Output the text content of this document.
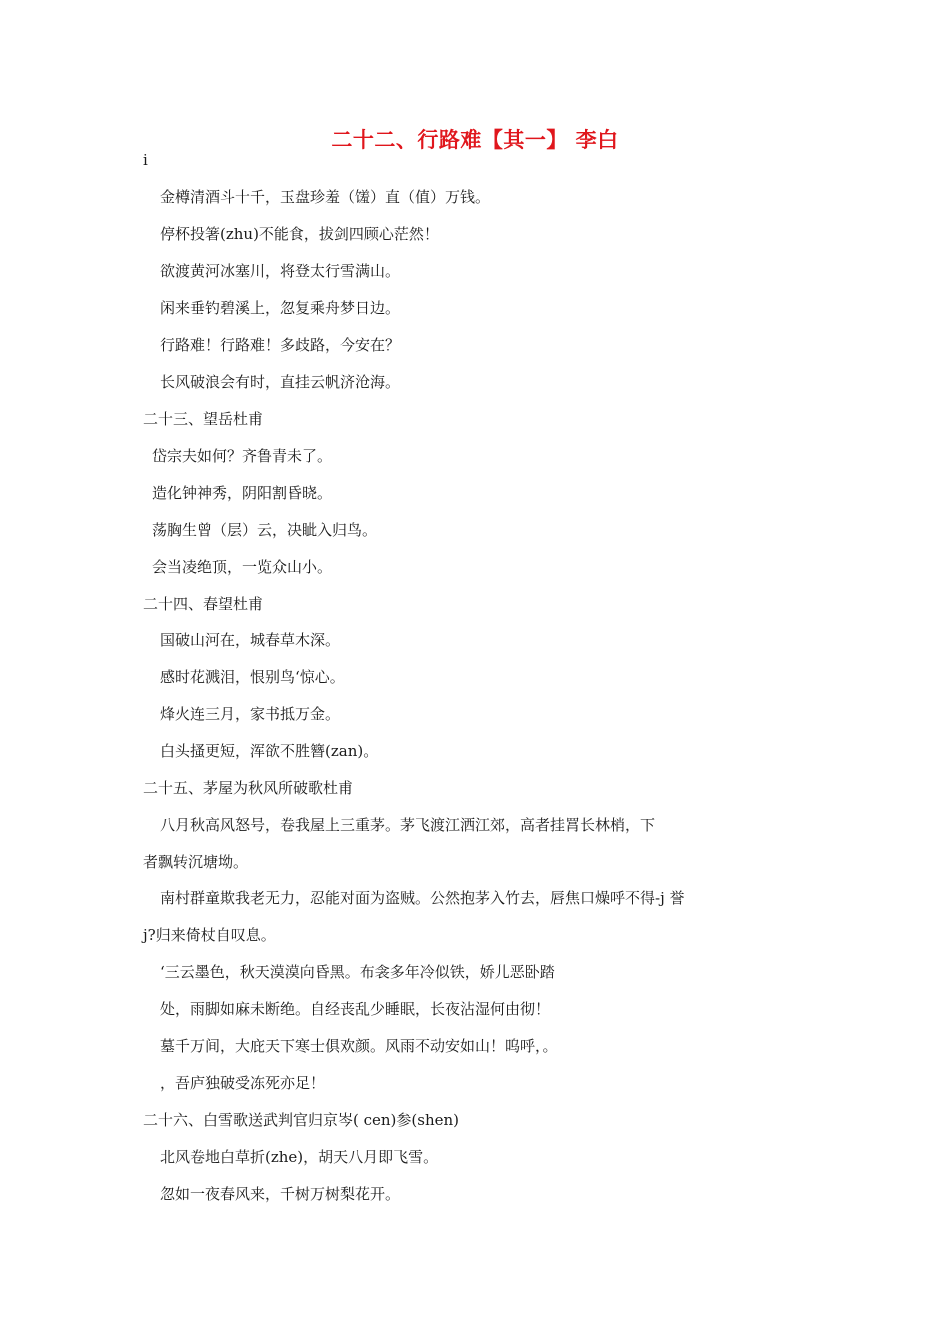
二十二、行路难【其一】 李白
i
金樽清酒斗十千，玉盘珍羞（馐）直（值）万钱。
停杯投箸(zhu)不能食，拔剑四顾心茫然！
欲渡黄河冰塞川，将登太行雪满山。
闲来垂钓碧溪上，忽复乘舟梦日边。
行路难！行路难！多歧路，今安在？
长风破浪会有时，直挂云帆济沧海。
二十三、望岳杜甫
岱宗夫如何？齐鲁青未了。
造化钟神秀，阴阳割昏晓。
荡胸生曾（层）云，决眦入归鸟。
会当凌绝顶，一览众山小。
二十四、春望杜甫
国破山河在，城春草木深。
感时花溅泪，恨别鸟‘惊心。
烽火连三月，家书抵万金。
白头搔更短，浑欲不胜簪(zan)。
二十五、茅屋为秋风所破歌杜甫
八月秋高风怒号，卷我屋上三重茅。茅飞渡江洒江郊，高者挂罥长林梢，下
者飘转沉塘坳。
南村群童欺我老无力，忍能对面为盗贼。公然抱茅入竹去，唇焦口燥呼不得-j 誉
j?归来倚杖自叹息。
‘三云墨色，秋天漠漠向昏黑。布衾多年冷似铁，娇儿恶卧踏
处，雨脚如麻未断绝。自经丧乱少睡眠，长夜沾湿何由彻！
墓千万间，大庇天下寒士俱欢颜。风雨不动安如山！呜呼，。
，吾庐独破受冻死亦足！
二十六、白雪歌送武判官归京岑( cen)参(shen)
北风卷地白草折(zhe)，胡天八月即飞雪。
忽如一夜春风来，千树万树梨花开。
